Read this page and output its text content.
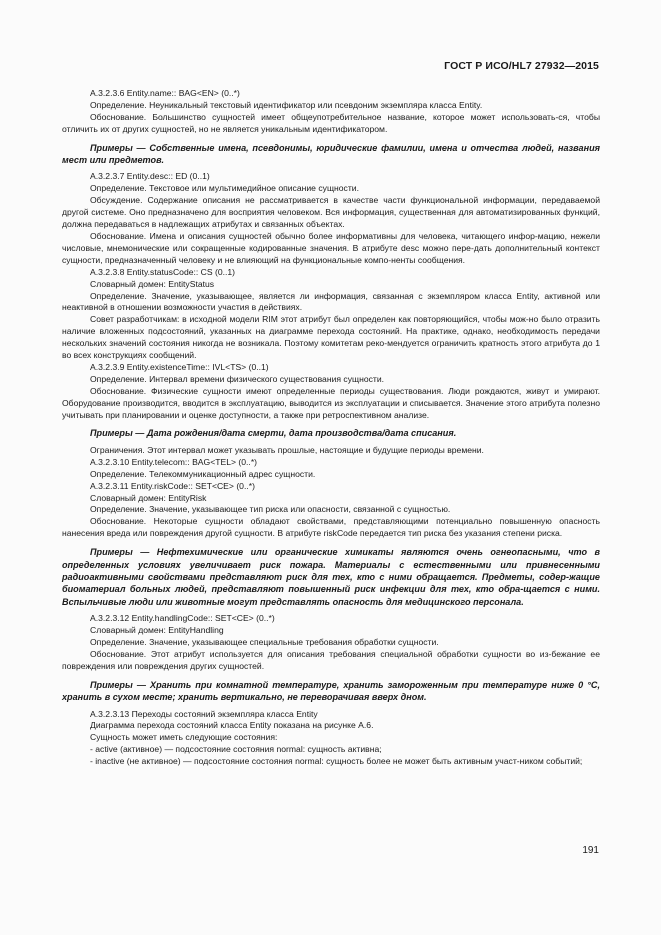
ГОСТ Р ИСО/HL7 27932—2015

A.3.2.3.6 Entity.name:: BAG<EN> (0..*)

Определение. Неуникальный текстовый идентификатор или псевдоним экземпляра класса Entity.

Обоснование. Большинство сущностей имеет общеупотребительное название, которое может использовать-ся, чтобы отличить их от других сущностей, но не является уникальным идентификатором.

Примеры — Собственные имена, псевдонимы, юридические фамилии, имена и отчества людей, названия мест или предметов.

A.3.2.3.7 Entity.desc:: ED (0..1)

Определение. Текстовое или мультимедийное описание сущности.

Обсуждение. Содержание описания не рассматривается в качестве части функциональной информации, передаваемой другой системе. Оно предназначено для восприятия человеком. Вся информация, существенная для автоматизированных функций, должна передаваться в надлежащих атрибутах и связанных объектах.

Обоснование. Имена и описания сущностей обычно более информативны для человека, читающего инфор-мацию, нежели числовые, мнемонические или сокращенные кодированные значения. В атрибуте desc можно пере-дать дополнительный контекст сущности, предназначенный человеку и не влияющий на функциональные компо-ненты сообщения.

A.3.2.3.8 Entity.statusCode:: CS (0..1)

Словарный домен: EntityStatus

Определение. Значение, указывающее, является ли информация, связанная с экземпляром класса Entity, активной или неактивной в отношении возможности участия в действиях.

Совет разработчикам: в исходной модели RIM этот атрибут был определен как повторяющийся, чтобы мож-но было отразить наличие вложенных подсостояний, указанных на диаграмме перехода состояний. На практике, однако, необходимость передачи нескольких значений состояния никогда не возникала. Поэтому комитетам реко-мендуется ограничить кратность этого атрибута до 1 во всех конструкциях сообщений.

A.3.2.3.9 Entity.existenceTime:: IVL<TS> (0..1)

Определение. Интервал времени физического существования сущности.

Обоснование. Физические сущности имеют определенные периоды существования. Люди рождаются, живут и умирают. Оборудование производится, вводится в эксплуатацию, выводится из эксплуатации и списывается. Значение этого атрибута полезно учитывать при планировании и оценке доступности, а также при ретроспективном анализе.

Примеры — Дата рождения/дата смерти, дата производства/дата списания.

Ограничения. Этот интервал может указывать прошлые, настоящие и будущие периоды времени.

A.3.2.3.10 Entity.telecom:: BAG<TEL> (0..*)

Определение. Телекоммуникационный адрес сущности.

A.3.2.3.11 Entity.riskCode:: SET<CE> (0..*)

Словарный домен: EntityRisk

Определение. Значение, указывающее тип риска или опасности, связанной с сущностью.

Обоснование. Некоторые сущности обладают свойствами, представляющими потенциально повышенную опасность нанесения вреда или повреждения другой сущности. В атрибуте riskCode передается тип риска без указания степени риска.

Примеры — Нефтехимические или органические химикаты являются очень огнеопасными, что в определенных условиях увеличивает риск пожара. Материалы с естественными или привнесенными радиоактивными свойствами представляют риск для тех, кто с ними обращается. Предметы, содер-жащие биоматериал больных людей, представляют повышенный риск инфекции для тех, кто обра-щается с ними. Вспыльчивые люди или животные могут представлять опасность для медицинского персонала.

A.3.2.3.12 Entity.handlingCode:: SET<CE> (0..*)

Словарный домен: EntityHandling

Определение. Значение, указывающее специальные требования обработки сущности.

Обоснование. Этот атрибут используется для описания требования специальной обработки сущности во из-бежание ее повреждения или повреждения других сущностей.

Примеры — Хранить при комнатной температуре, хранить замороженным при температуре ниже 0 °C, хранить в сухом месте; хранить вертикально, не переворачивая вверх дном.

A.3.2.3.13 Переходы состояний экземпляра класса Entity

Диаграмма перехода состояний класса Entity показана на рисунке A.6.

Сущность может иметь следующие состояния:

- active (активное) — подсостояние состояния normal: сущность активна;

- inactive (не активное) — подсостояние состояния normal: сущность более не может быть активным участ-ником событий;

191
